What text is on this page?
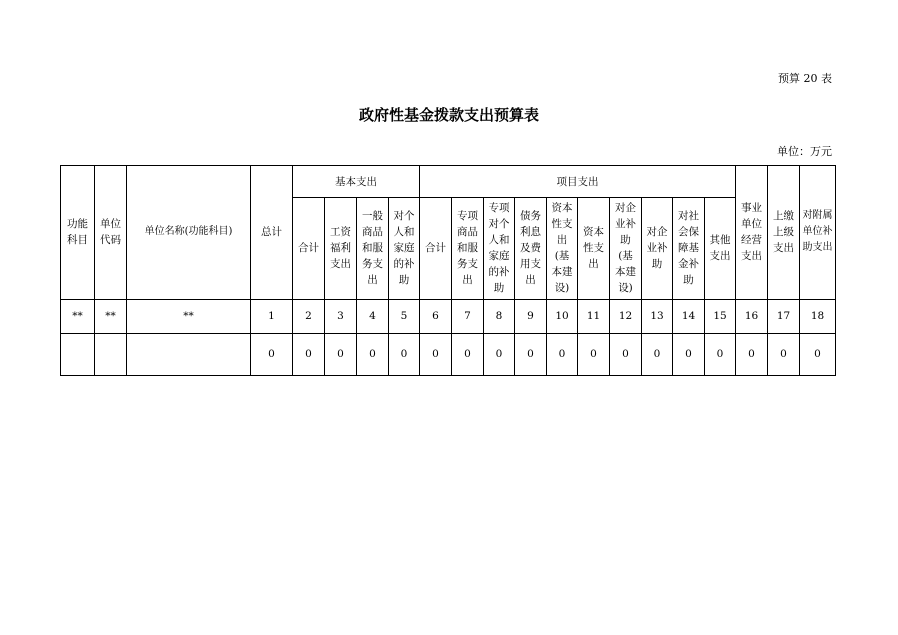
预算 20 表
政府性基金拨款支出预算表
单位：万元
功能科目	单位代码	单位名称(功能科目)	总计	基本支出				项目支出										事业单位经营支出	上缴上级支出	对附属单位补助支出
				合计	工资福利支出	一般商品和服务支出	对个人和家庭的补助	合计	专项商品和服务支出	专项对个人和家庭的补助	债务利息及费用支出	资本性支出(基本建设)	资本性支出	对企业补助(基本建设)	对企业补助	对社会保障基金补助	其他支出			
**	**	**	1	2	3	4	5	6	7	8	9	10	11	12	13	14	15	16	17	18
			0	0	0	0	0	0	0	0	0	0	0	0	0	0	0	0	0	0
